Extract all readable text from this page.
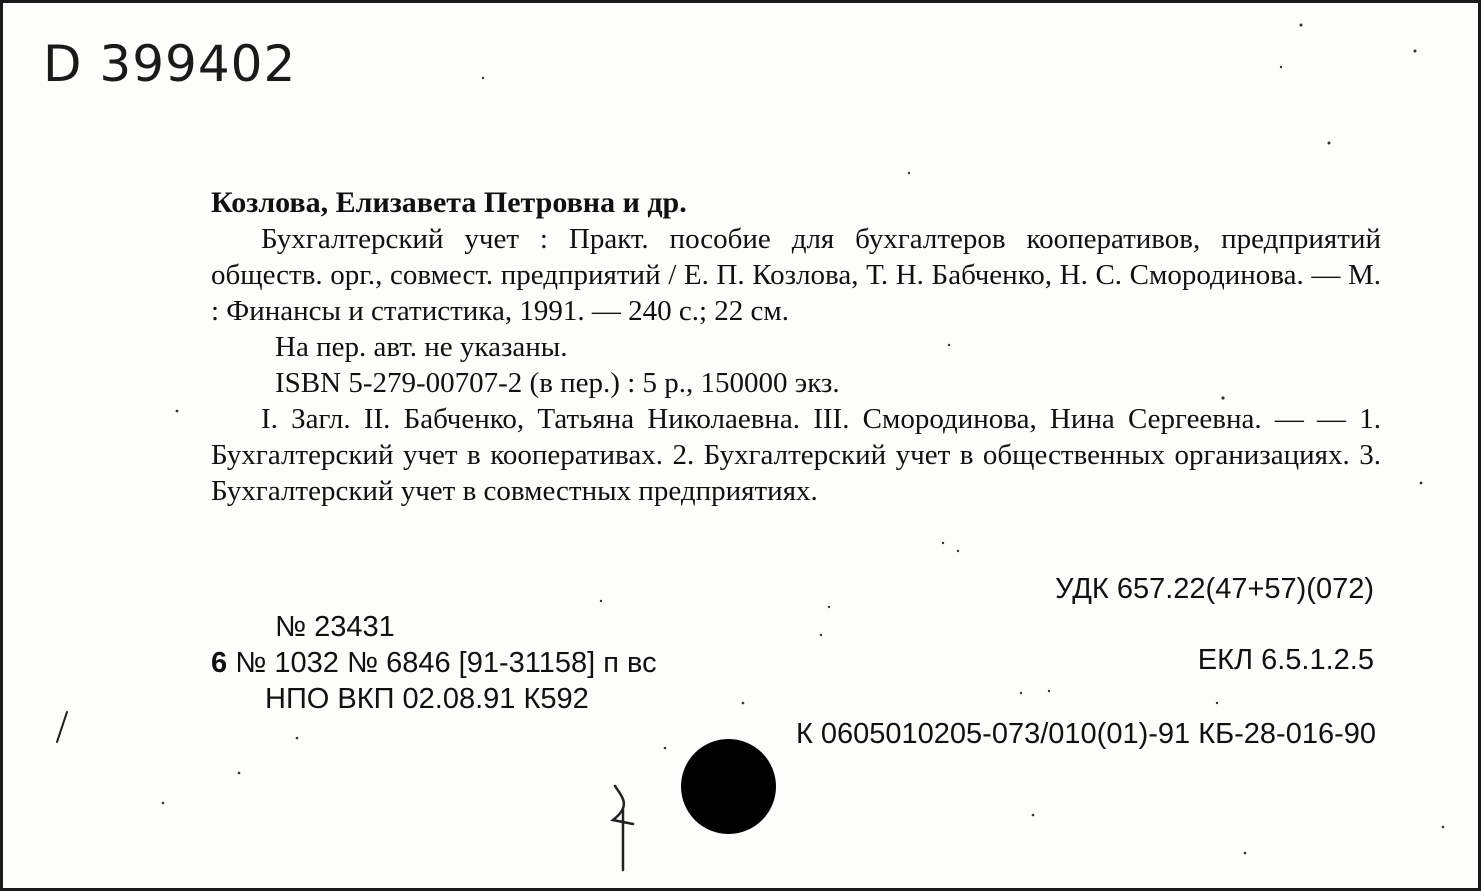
D 399402
Козлова, Елизавета Петровна и др.

Бухгалтерский учет : Практ. пособие для бухгалтеров кооперативов, предприятий обществ. орг., совмест. предприятий / Е. П. Козлова, Т. Н. Бабченко, Н. С. Смородинова. — М. : Финансы и статистика, 1991. — 240 с.; 22 см.

На пер. авт. не указаны.

ISBN 5-279-00707-2 (в пер.) : 5 р., 150000 экз.

I. Загл. II. Бабченко, Татьяна Николаевна. III. Смородинова, Нина Сергеевна. — — 1. Бухгалтерский учет в кооперативах. 2. Бухгалтерский учет в общественных организациях. 3. Бухгалтерский учет в совместных предприятиях.

УДК 657.22(47+57)(072)
№ 23431
6 № 1032 № 6846 [91-31158] п вс	ЕКЛ 6.5.1.2.5
НПО ВКП 02.08.91 К592
К 0605010205-073/010(01)-91 КБ-28-016-90
